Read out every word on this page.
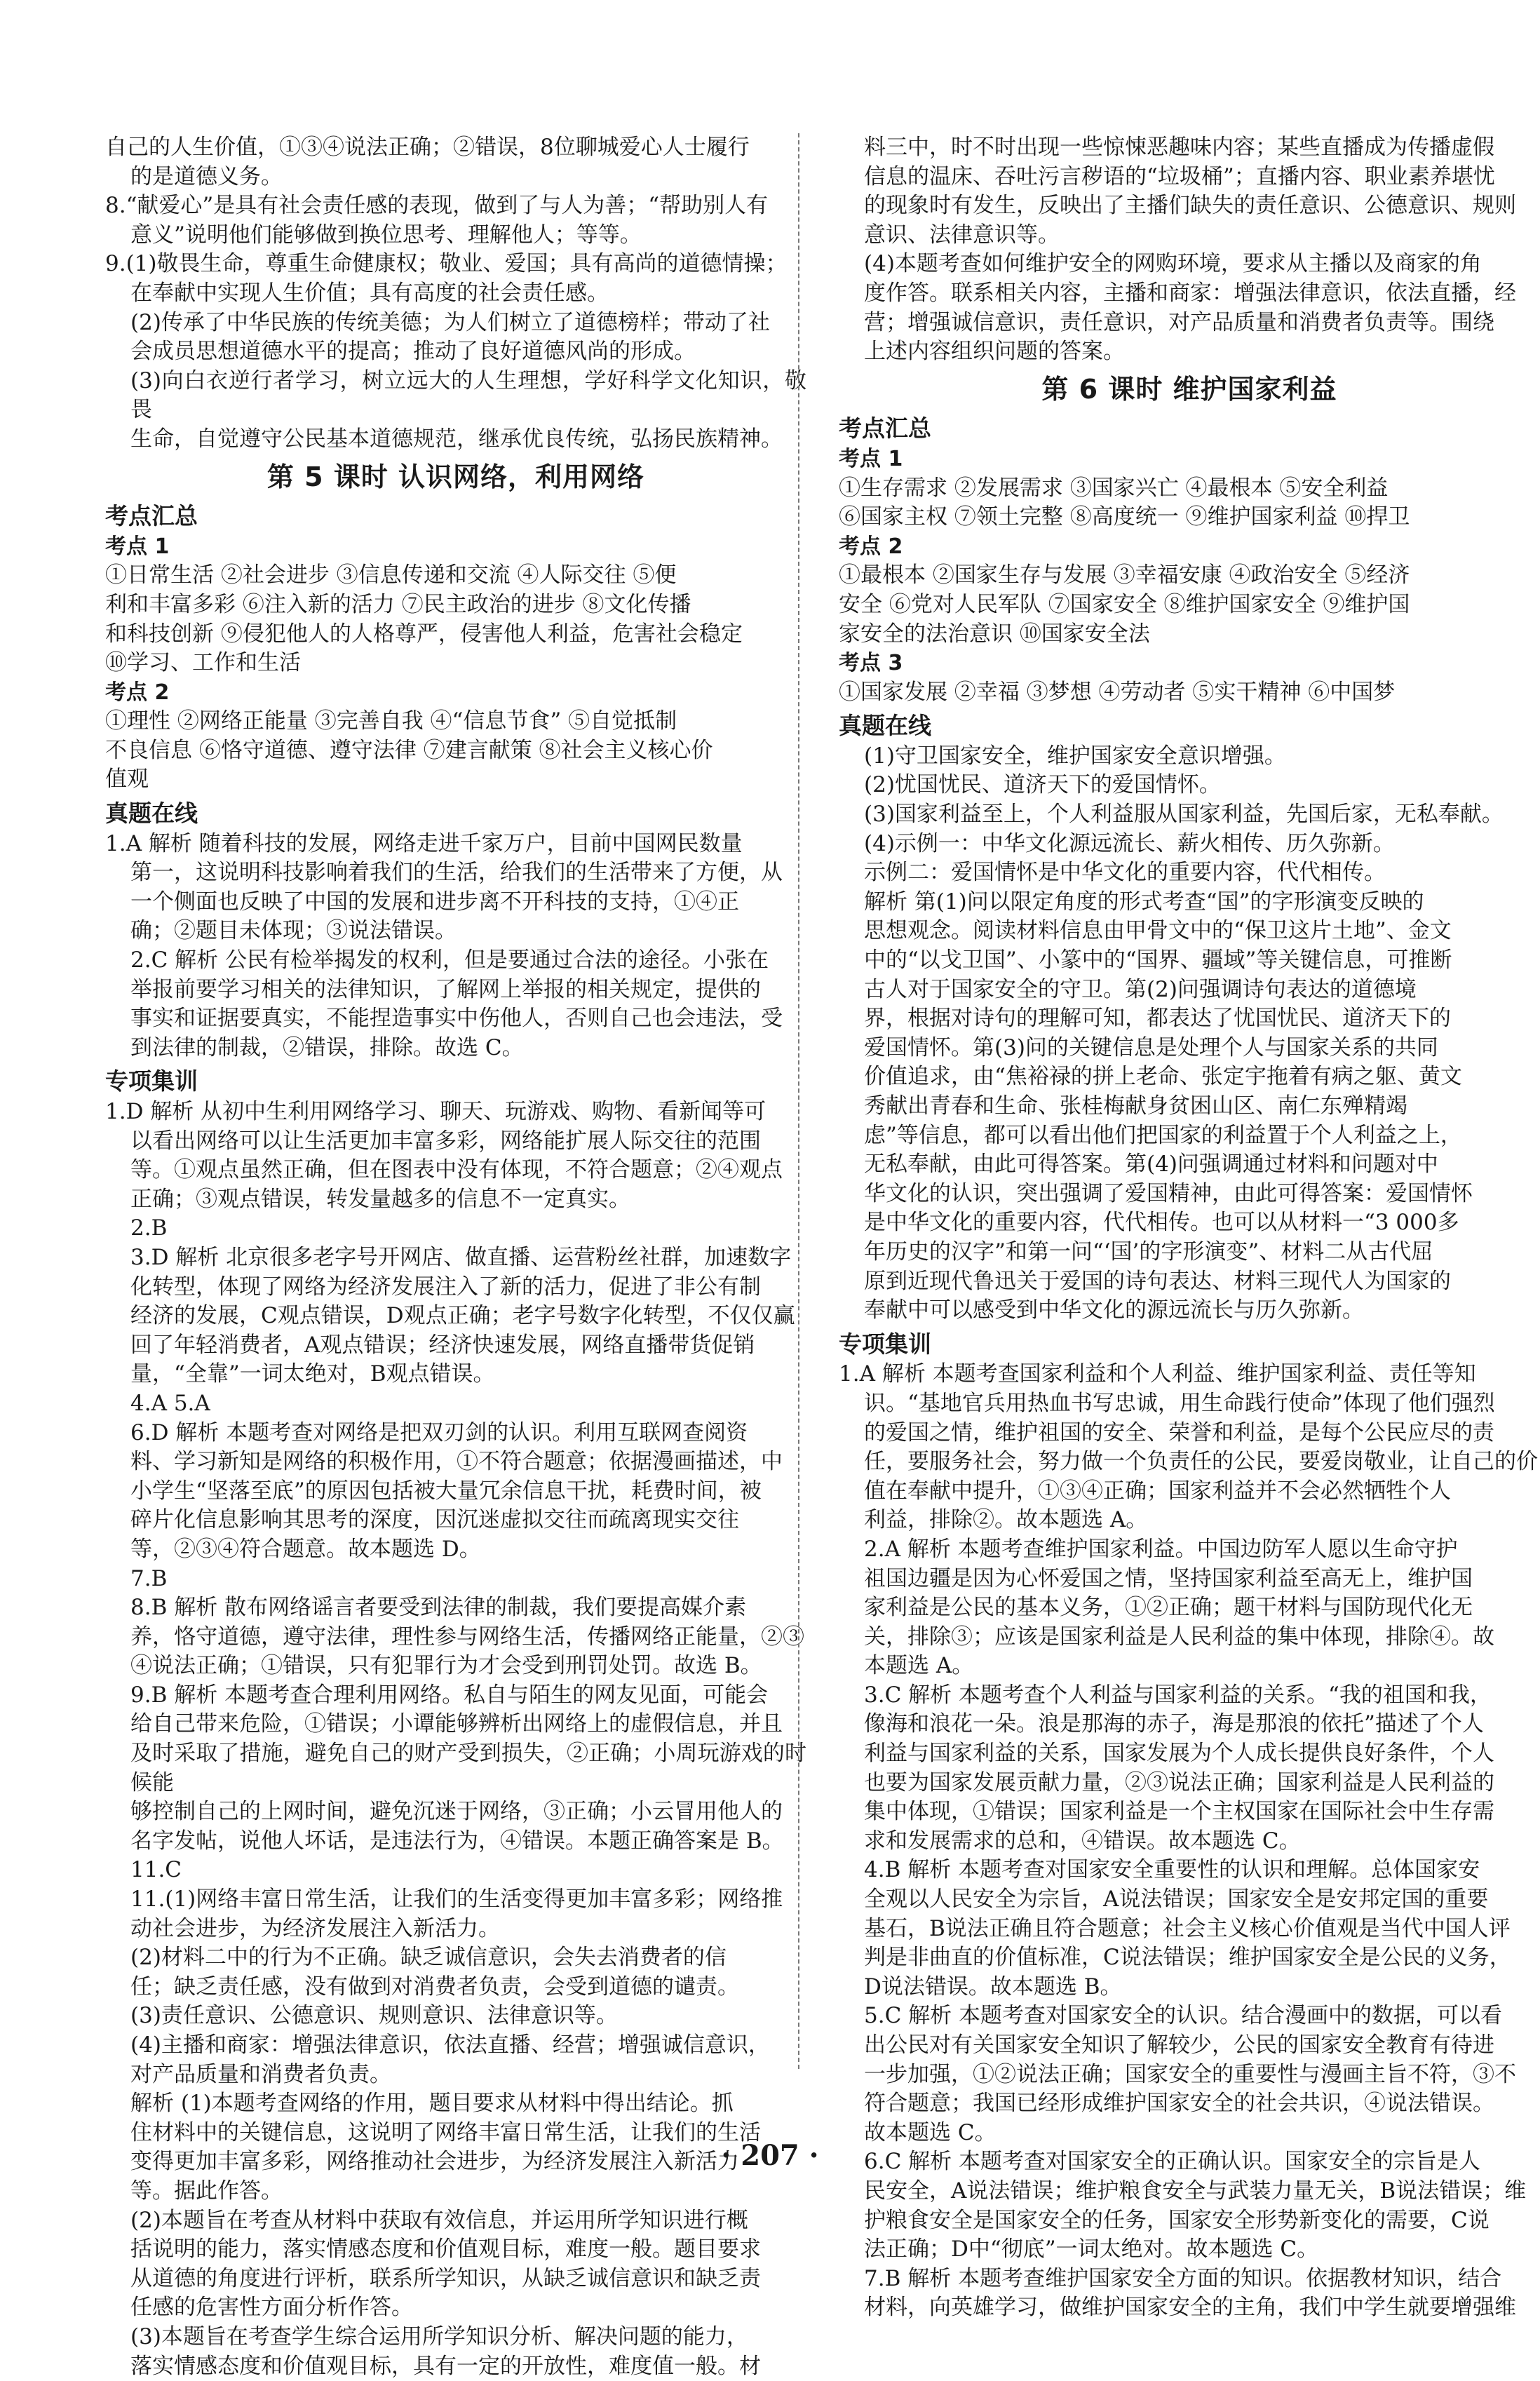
自己的人生价值，①③④说法正确；②错误，8位聊城爱心人士履行
的是道德义务。

8.“献爱心”是具有社会责任感的表现，做到了与人为善；“帮助别人有
意义”说明他们能够做到换位思考、理解他人；等等。

9.(1)敬畏生命，尊重生命健康权；敬业、爱国；具有高尚的道德情操；
在奉献中实现人生价值；具有高度的社会责任感。
(2)传承了中华民族的传统美德；为人们树立了道德榜样；带动了社
会成员思想道德水平的提高；推动了良好道德风尚的形成。
(3)向白衣逆行者学习，树立远大的人生理想，学好科学文化知识，敬畏
生命，自觉遵守公民基本道德规范，继承优良传统，弘扬民族精神。

第 5 课时 认识网络，利用网络
考点汇总
考点 1

①日常生活 ②社会进步 ③信息传递和交流 ④人际交往 ⑤便
利和丰富多彩 ⑥注入新的活力 ⑦民主政治的进步 ⑧文化传播
和科技创新 ⑨侵犯他人的人格尊严，侵害他人利益，危害社会稳定
⑩学习、工作和生活

考点 2

①理性 ②网络正能量 ③完善自我 ④“信息节食” ⑤自觉抵制
不良信息 ⑥恪守道德、遵守法律 ⑦建言献策 ⑧社会主义核心价
值观

真题在线

1.A 解析 随着科技的发展，网络走进千家万户，目前中国网民数量
第一，这说明科技影响着我们的生活，给我们的生活带来了方便，从
一个侧面也反映了中国的发展和进步离不开科技的支持，①④正
确；②题目未体现；③说法错误。
2.C 解析 公民有检举揭发的权利，但是要通过合法的途径。小张在
举报前要学习相关的法律知识，了解网上举报的相关规定，提供的
事实和证据要真实，不能捏造事实中伤他人，否则自己也会违法，受
到法律的制裁，②错误，排除。故选 C。

专项集训

1.D 解析 从初中生利用网络学习、聊天、玩游戏、购物、看新闻等可
以看出网络可以让生活更加丰富多彩，网络能扩展人际交往的范围
等。①观点虽然正确，但在图表中没有体现，不符合题意；②④观点
正确；③观点错误，转发量越多的信息不一定真实。
2.B
3.D 解析 北京很多老字号开网店、做直播、运营粉丝社群，加速数字
化转型，体现了网络为经济发展注入了新的活力，促进了非公有制
经济的发展，C观点错误，D观点正确；老字号数字化转型，不仅仅赢
回了年轻消费者，A观点错误；经济快速发展，网络直播带货促销
量，“全靠”一词太绝对，B观点错误。
4.A 5.A
6.D 解析 本题考查对网络是把双刃剑的认识。利用互联网查阅资
料、学习新知是网络的积极作用，①不符合题意；依据漫画描述，中
小学生“坚落至底”的原因包括被大量冗余信息干扰，耗费时间，被
碎片化信息影响其思考的深度，因沉迷虚拟交往而疏离现实交往
等，②③④符合题意。故本题选 D。
7.B
8.B 解析 散布网络谣言者要受到法律的制裁，我们要提高媒介素
养，恪守道德，遵守法律，理性参与网络生活，传播网络正能量，②③
④说法正确；①错误，只有犯罪行为才会受到刑罚处罚。故选 B。
9.B 解析 本题考查合理利用网络。私自与陌生的网友见面，可能会
给自己带来危险，①错误；小谭能够辨析出网络上的虚假信息，并且
及时采取了措施，避免自己的财产受到损失，②正确；小周玩游戏的时候能
够控制自己的上网时间，避免沉迷于网络，③正确；小云冒用他人的
名字发帖，说他人坏话，是违法行为，④错误。本题正确答案是 B。
11.C
11.(1)网络丰富日常生活，让我们的生活变得更加丰富多彩；网络推
动社会进步，为经济发展注入新活力。
(2)材料二中的行为不正确。缺乏诚信意识，会失去消费者的信
任；缺乏责任感，没有做到对消费者负责，会受到道德的谴责。
(3)责任意识、公德意识、规则意识、法律意识等。
(4)主播和商家：增强法律意识，依法直播、经营；增强诚信意识，
对产品质量和消费者负责。
解析 (1)本题考查网络的作用，题目要求从材料中得出结论。抓
住材料中的关键信息，这说明了网络丰富日常生活，让我们的生活
变得更加丰富多彩，网络推动社会进步，为经济发展注入新活力
等。据此作答。
(2)本题旨在考查从材料中获取有效信息，并运用所学知识进行概
括说明的能力，落实情感态度和价值观目标，难度一般。题目要求
从道德的角度进行评析，联系所学知识，从缺乏诚信意识和缺乏责
任感的危害性方面分析作答。
(3)本题旨在考查学生综合运用所学知识分析、解决问题的能力，
落实情感态度和价值观目标，具有一定的开放性，难度值一般。材

料三中，时不时出现一些惊悚恶趣味内容；某些直播成为传播虚假
信息的温床、吞吐污言秽语的“垃圾桶”；直播内容、职业素养堪忧
的现象时有发生，反映出了主播们缺失的责任意识、公德意识、规则
意识、法律意识等。
(4)本题考查如何维护安全的网购环境，要求从主播以及商家的角
度作答。联系相关内容，主播和商家：增强法律意识，依法直播，经
营；增强诚信意识，责任意识，对产品质量和消费者负责等。围绕
上述内容组织问题的答案。

第 6 课时 维护国家利益
考点汇总
考点 1

①生存需求 ②发展需求 ③国家兴亡 ④最根本 ⑤安全利益
⑥国家主权 ⑦领土完整 ⑧高度统一 ⑨维护国家利益 ⑩捍卫

考点 2

①最根本 ②国家生存与发展 ③幸福安康 ④政治安全 ⑤经济
安全 ⑥党对人民军队 ⑦国家安全 ⑧维护国家安全 ⑨维护国
家安全的法治意识 ⑩国家安全法

考点 3

①国家发展 ②幸福 ③梦想 ④劳动者 ⑤实干精神 ⑥中国梦

真题在线

(1)守卫国家安全，维护国家安全意识增强。
(2)忧国忧民、道济天下的爱国情怀。
(3)国家利益至上，个人利益服从国家利益，先国后家，无私奉献。
(4)示例一：中华文化源远流长、薪火相传、历久弥新。
示例二：爱国情怀是中华文化的重要内容，代代相传。
解析 第(1)问以限定角度的形式考查“国”的字形演变反映的
思想观念。阅读材料信息由甲骨文中的“保卫这片土地”、金文
中的“以戈卫国”、小篆中的“国界、疆域”等关键信息，可推断
古人对于国家安全的守卫。第(2)问强调诗句表达的道德境
界，根据对诗句的理解可知，都表达了忧国忧民、道济天下的
爱国情怀。第(3)问的关键信息是处理个人与国家关系的共同
价值追求，由“焦裕禄的拼上老命、张定宇拖着有病之躯、黄文
秀献出青春和生命、张桂梅献身贫困山区、南仁东殚精竭
虑”等信息，都可以看出他们把国家的利益置于个人利益之上，
无私奉献，由此可得答案。第(4)问强调通过材料和问题对中
华文化的认识，突出强调了爱国精神，由此可得答案：爱国情怀
是中华文化的重要内容，代代相传。也可以从材料一“3 000多
年历史的汉字”和第一问“‘国’的字形演变”、材料二从古代屈
原到近现代鲁迅关于爱国的诗句表达、材料三现代人为国家的
奉献中可以感受到中华文化的源远流长与历久弥新。

专项集训

1.A 解析 本题考查国家利益和个人利益、维护国家利益、责任等知
识。“基地官兵用热血书写忠诚，用生命践行使命”体现了他们强烈
的爱国之情，维护祖国的安全、荣誉和利益，是每个公民应尽的责
任，要服务社会，努力做一个负责任的公民，要爱岗敬业，让自己的价
值在奉献中提升，①③④正确；国家利益并不会必然牺牲个人
利益，排除②。故本题选 A。
2.A 解析 本题考查维护国家利益。中国边防军人愿以生命守护
祖国边疆是因为心怀爱国之情，坚持国家利益至高无上，维护国
家利益是公民的基本义务，①②正确；题干材料与国防现代化无
关，排除③；应该是国家利益是人民利益的集中体现，排除④。故
本题选 A。
3.C 解析 本题考查个人利益与国家利益的关系。“我的祖国和我，
像海和浪花一朵。浪是那海的赤子，海是那浪的依托”描述了个人
利益与国家利益的关系，国家发展为个人成长提供良好条件，个人
也要为国家发展贡献力量，②③说法正确；国家利益是人民利益的
集中体现，①错误；国家利益是一个主权国家在国际社会中生存需
求和发展需求的总和，④错误。故本题选 C。
4.B 解析 本题考查对国家安全重要性的认识和理解。总体国家安
全观以人民安全为宗旨，A说法错误；国家安全是安邦定国的重要
基石，B说法正确且符合题意；社会主义核心价值观是当代中国人评
判是非曲直的价值标准，C说法错误；维护国家安全是公民的义务，
D说法错误。故本题选 B。
5.C 解析 本题考查对国家安全的认识。结合漫画中的数据，可以看
出公民对有关国家安全知识了解较少，公民的国家安全教育有待进
一步加强，①②说法正确；国家安全的重要性与漫画主旨不符，③不
符合题意；我国已经形成维护国家安全的社会共识，④说法错误。
故本题选 C。
6.C 解析 本题考查对国家安全的正确认识。国家安全的宗旨是人
民安全，A说法错误；维护粮食安全与武装力量无关，B说法错误；维
护粮食安全是国家安全的任务，国家安全形势新变化的需要，C说
法正确；D中“彻底”一词太绝对。故本题选 C。
7.B 解析 本题考查维护国家安全方面的知识。依据教材知识，结合
材料，向英雄学习，做维护国家安全的主角，我们中学生就要增强维

· 207 ·
